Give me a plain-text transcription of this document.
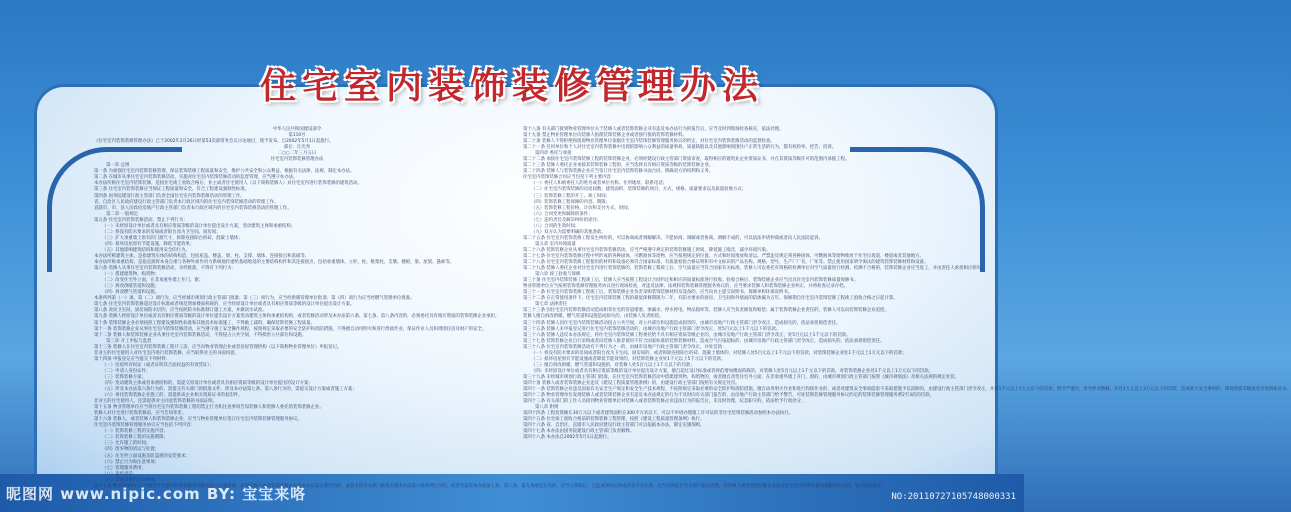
住宅室内装饰装修管理办法

中华人民共和国建设部令

第110号

《住宅室内装饰装修管理办法》已于2002年2月26日经第53次部常务会议讨论通过，现予发布，自2002年5月1日起施行。

部长：汪光焘

二○○二年三月五日

住宅室内装饰装修管理办法

第一章 总则

第一条 为加强住宅室内装饰装修管理，保证装饰装修工程质量和安全，维护公共安全和公众利益，根据有关法律、法规，制定本办法。

第二条 在城市从事住宅室内装饰装修活动，实施对住宅室内装饰装修活动的监督管理，应当遵守本办法。

本办法所称住宅室内装饰装修，是指住宅竣工验收合格后，业主或者住宅使用人（以下简称装修人）对住宅室内进行装饰装修的建筑活动。

第三条 住宅室内装饰装修应当保证工程质量和安全，符合工程建设强制性标准。

第四条 国务院建设行政主管部门负责全国住宅室内装饰装修活动的管理工作。

省、自治区人民政府建设行政主管部门负责本行政区域内的住宅室内装饰装修活动的管理工作。

直辖市、市、县人民政府房地产行政主管部门负责本行政区域内的住宅室内装饰装修活动的管理工作。

第二章 一般规定

第五条 住宅室内装饰装修活动，禁止下列行为：

（一）未经原设计单位或者具有相应资质等级的设计单位提出设计方案，变动建筑主体和承重结构；

（二）将没有防水要求的房间或者阳台改为卫生间、厨房间；

（三）扩大承重墙上原有的门窗尺寸，拆除连接阳台的砖、混凝土墙体；

（四）损坏房屋原有节能设施，降低节能效果；

（五）其他影响建筑结构和使用安全的行为。

本办法所称建筑主体，是指建筑实体的结构构造，包括屋盖、楼盖、梁、柱、支撑、墙体、连接接点和基础等。

本办法所称承重结构，是指直接将本身自重与各种外加作用力系统地传递给基础地基的主要结构构件和其连接接点，包括承重墙体、立杆、柱、框架柱、支墩、楼板、梁、屋架、悬索等。

第六条 装修人从事住宅室内装饰装修活动，未经批准，不得有下列行为：

（一）搭建建筑物、构筑物；

（二）改变住宅外立面，在非承重外墙上开门、窗；

（三）拆改供暖管道和设施；

（四）拆改燃气管道和设施。

本条所列第（一）项、第（二）项行为，应当经城市规划行政主管部门批准；第（三）项行为，应当经供暖管理单位批准；第（四）项行为应当经燃气管理单位批准。

第七条 住宅室内装饰装修超过设计标准或者规范增加楼面荷载的，应当经原设计单位或者具有相应资质等级的设计单位提出设计方案。

第八条 改动卫生间、厨房间防水层的，应当按照防水标准制订施工方案，并做闭水试验。

第九条 装修人经原设计单位或者具有相应资质等级的设计单位提出设计方案变动建筑主体和承重结构的，或者装修活动涉及本办法第六条、第七条、第八条内容的，必须委托具有相应资质的装饰装修企业承担。

第十条 装饰装修企业必须按照工程建设强制性标准和其他技术标准施工，不得偷工减料，确保装饰装修工程质量。

第十一条 装饰装修企业从事住宅室内装饰装修活动，应当遵守施工安全操作规程，按照规定采取必要的安全防护和消防措施，不得擅自动用明火和进行焊接作业，保证作业人员和周围住房及财产的安全。

第十二条 装修人和装饰装修企业从事住宅室内装饰装修活动，不得侵占公共空间，不得损害公共部位和设施。

第三章 开工申报与监督

第十三条 装修人在住宅室内装饰装修工程开工前，应当向物业管理企业或者房屋管理机构（以下简称物业管理单位）申报登记。

非业主的住宅使用人对住宅室内进行装饰装修，应当取得业主的书面同意。

第十四条 申报登记应当提交下列材料：

（一）房屋所有权证（或者证明其合法权益的有效凭证）；

（二）申请人身份证件；

（三）装饰装修方案；

（四）变动建筑主体或者承重结构的，需提交原设计单位或者具有相应资质等级的设计单位提出的设计方案；

（五）涉及本办法第六条行为的，需提交有关部门的批准文件，涉及本办法第七条、第八条行为的，需提交设计方案或者施工方案；

（六）委托装饰装修企业施工的，需提供该企业相关资质证书的复印件。

非业主的住宅使用人，还需提供业主同意装饰装修的书面证明。

第十五条 物业管理单位应当将住宅室内装饰装修工程的禁止行为和注意事项告知装修人和装修人委托的装饰装修企业。

装修人对住宅进行装饰装修前，应当告知邻里。

第十六条 装修人，或者装修人和装饰装修企业，应当与物业管理单位签订住宅室内装饰装修管理服务协议。

住宅室内装饰装修管理服务协议应当包括下列内容：

（一）装饰装修工程的实施内容；

（二）装饰装修工程的实施期限；

（三）允许施工的时间；

（四）废弃物的清运与处置；

（五）住宅外立面设施及防盗窗的安装要求；

（六）禁止行为和注意事项；

（七）管理服务费用；

（八）违约责任；

（九）其他需要约定的事项。

第十七条 物业管理单位应当按照住宅室内装饰装修管理服务协议实施管理，发现装修人或者装饰装修企业有本办法第五条行为的，或者未经有关部门批准实施本办法第六条所列行为的，或者有违反本办法第七条、第八条、第九条规定行为的，应当立即制止；已造成事实后果或者拒不改正的，应当及时报告有关部门依法处理。对装修人或者装饰装修企业违反住宅室内装饰装修管理服务协议的，追究违约责任。

第十八条 有关部门接到物业管理单位关于装修人或者装饰装修企业有违反本办法行为的报告后，应当及时到现场检查核实，依法处理。

第十九条 禁止物业管理单位向装修人指派装饰装修企业或者强行推销装饰装修材料。

第二十条 装修人不得拒绝和阻碍物业管理单位依据住宅室内装饰装修管理服务协议的约定，对住宅室内装饰装修活动的监督检查。

第二十一条 任何单位和个人对住宅室内装饰装修中出现的影响公众利益的质量事故、质量缺陷以及其他影响周围住户正常生活的行为，都有权检举、控告、投诉。

第四章 委托与承接

第二十二条 承接住宅室内装饰装修工程的装饰装修企业，必须经建设行政主管部门资质审查，取得相应的建筑业企业资质证书，并在其资质等级许可的范围内承揽工程。

第二十三条 装修人委托企业承接其装饰装修工程的，应当选择具有相应资质等级的装饰装修企业。

第二十四条 装修人与装饰装修企业应当签订住宅室内装饰装修书面合同，明确双方的权利和义务。

住宅室内装饰装修合同应当包括下列主要内容：

（一）委托人和被委托人的姓名或者单位名称、住所地址、联系电话；

（二）住宅室内装饰装修的房屋间数、建筑面积，装饰装修的项目、方式、规格、质量要求以及质量验收方式；

（三）装饰装修工程的开工、竣工时间；

（四）装饰装修工程保修的内容、期限；

（五）装饰装修工程价格，计价和支付方式、时间；

（六）合同变更和解除的条件；

（七）违约责任及解决纠纷的途径；

（八）合同的生效时间；

（九）双方认为需要明确的其他条款。

第二十五条 住宅室内装饰装修工程发生纠纷的，可以协商或者调解解决。不愿协商、调解或者协商、调解不成的，可以依法申请仲裁或者向人民法院起诉。

第五章 室内环境质量

第二十六条 装饰装修企业从事住宅室内装饰装修活动，应当严格遵守规定的装饰装修施工时间，降低施工噪音，减少环境污染。

第二十七条 住宅室内装饰装修过程中所形成的各种固体、可燃液体等废物，应当按照规定的位置、方式和时间堆放和清运。严禁违反规定将各种固体、可燃液体等废物堆放于住宅垃圾道、楼道或者其他地方。

第二十八条 住宅室内装饰装修工程使用的材料和设备必须符合国家标准，有质量检验合格证明和有中文标识的产品名称、规格、型号、生产厂厂名、厂址等。禁止使用国家明令淘汰的建筑装饰装修材料和设备。

第二十九条 装修人委托企业对住宅室内进行装饰装修的，装饰装修工程竣工后，空气质量应当符合国家有关标准。装修人可以委托有资格的检测单位对空气质量进行检测。检测不合格的，装饰装修企业应当返工，并由责任人承担相应损失。

第六章 竣工验收与保修

第三十条 住宅室内装饰装修工程竣工后，装修人应当按照工程设计合同约定和相应的质量标准进行验收。验收合格后，装饰装修企业应当出具住宅室内装饰装修质量保修书。

物业管理单位应当按照装饰装修管理服务协议进行现场检查，对违反法律、法规和装饰装修管理服务协议的，应当要求装修人和装饰装修企业纠正，并将检查记录存档。

第三十一条 住宅室内装饰装修工程竣工后，装饰装修企业负责采购装饰装修材料及设备的，应当向业主提交说明书、保修单和环保说明书。

第三十二条 在正常使用条件下，住宅室内装饰装修工程的最低保修期限为二年，有防水要求的厨房、卫生间和外墙面的防渗漏为五年。保修期自住宅室内装饰装修工程竣工验收合格之日起计算。

第七章 法律责任

第三十三条 因住宅室内装饰装修活动造成相邻住宅的管道堵塞、渗漏水、停水停电、物品毁坏等，装修人应当负责修复和赔偿；属于装饰装修企业责任的，装修人可以向装饰装修企业追偿。

装修人擅自拆改供暖、燃气管道和设施造成损失的，由装修人负责赔偿。

第三十四条 装修人因住宅室内装饰装修活动侵占公共空间，对公共部位和设施造成损害的，由城市房地产行政主管部门责令改正，造成损失的，依法承担赔偿责任。

第三十五条 装修人未申报登记进行住宅室内装饰装修活动的，由城市房地产行政主管部门责令改正，处5百元以上1千元以下的罚款。

第三十六条 装修人违反本办法规定，将住宅室内装饰装修工程委托给不具有相应资质等级企业的，由城市房地产行政主管部门责令改正，处5百元以上1千元以下的罚款。

第三十七条 装饰装修企业自行采购或者向装修人推荐使用不符合国家标准的装饰装修材料，造成空气污染超标的，由城市房地产行政主管部门责令改正，造成损失的，依法承担赔偿责任。

第三十八条 住宅室内装饰装修活动有下列行为之一的，由城市房地产行政主管部门责令改正，并处罚款：

（一）将没有防水要求的房间或者阳台改为卫生间、厨房间的，或者拆除连接阳台的砖、混凝土墙体的，对装修人处5百元以上1千元以下的罚款，对装饰装修企业处1千元以上1万元以下的罚款；

（二）损坏房屋原有节能设施或者降低节能效果的，对装饰装修企业处1千元以上5千元以下的罚款；

（三）擅自拆改供暖、燃气管道和设施的，对装修人处5百元以上1千元以下的罚款；

（四）未经原设计单位或者具有相应资质等级的设计单位提出设计方案，擅自超过设计标准或者规范增加楼面荷载的，对装修人处5百元以上1千元以下的罚款，对装饰装修企业处1千元以上1万元以下的罚款。

第三十九条 未经城市规划行政主管部门批准，在住宅室内装饰装修活动中搭建建筑物、构筑物的，或者擅自改变住宅外立面、在非承重外墙上开门、窗的，由城市规划行政主管部门按照《城市规划法》及相关法规的规定处罚。

第四十条 装修人或者装饰装修企业违反《建设工程质量管理条例》的，由建设行政主管部门按照有关规定处罚。

第四十一条 装饰装修企业违反国家有关安全生产规定和安全生产技术规程，不按照规定采取必要的安全防护和消防措施，擅自动用明火作业和进行焊接作业的，或者对建筑安全事故隐患不采取措施予以消除的，由建设行政主管部门责令改正，并处1千元以上1万元以下的罚款；情节严重的，责令停业整顿，并处1万元以上3万元以下的罚款；造成重大安全事故的，降低资质等级或者吊销资质证书。

第四十二条 物业管理单位发现装修人或者装饰装修企业有违反本办法规定的行为不及时向有关部门报告的，由房地产行政主管部门给予警告，可处装饰装修管理服务协议约定的装饰装修管理服务费2至3倍的罚款。

第四十三条 有关部门的工作人员接到物业管理单位对装修人或者装饰装修企业违法行为的报告后，未及时处理，玩忽职守的，依法给予行政处分。

第八章 附则

第四十四条 工程投资额在30万元以下或者建筑面积在300平方米以下，可以不申请办理施工许可证的非住宅装饰装修活动参照本办法执行。

第四十五条 住宅竣工验收合格前的装饰装修工程管理，按照《建设工程质量管理条例》执行。

第四十六条 省、自治区、直辖市人民政府建设行政主管部门可以依据本办法，制定实施细则。

第四十七条 本办法由国务院建设行政主管部门负责解释。

第四十八条 本办法自2002年5月1日起施行。

昵图网 www.nipic.com BY: 宝宝来咯	NO:20110727105748000331
